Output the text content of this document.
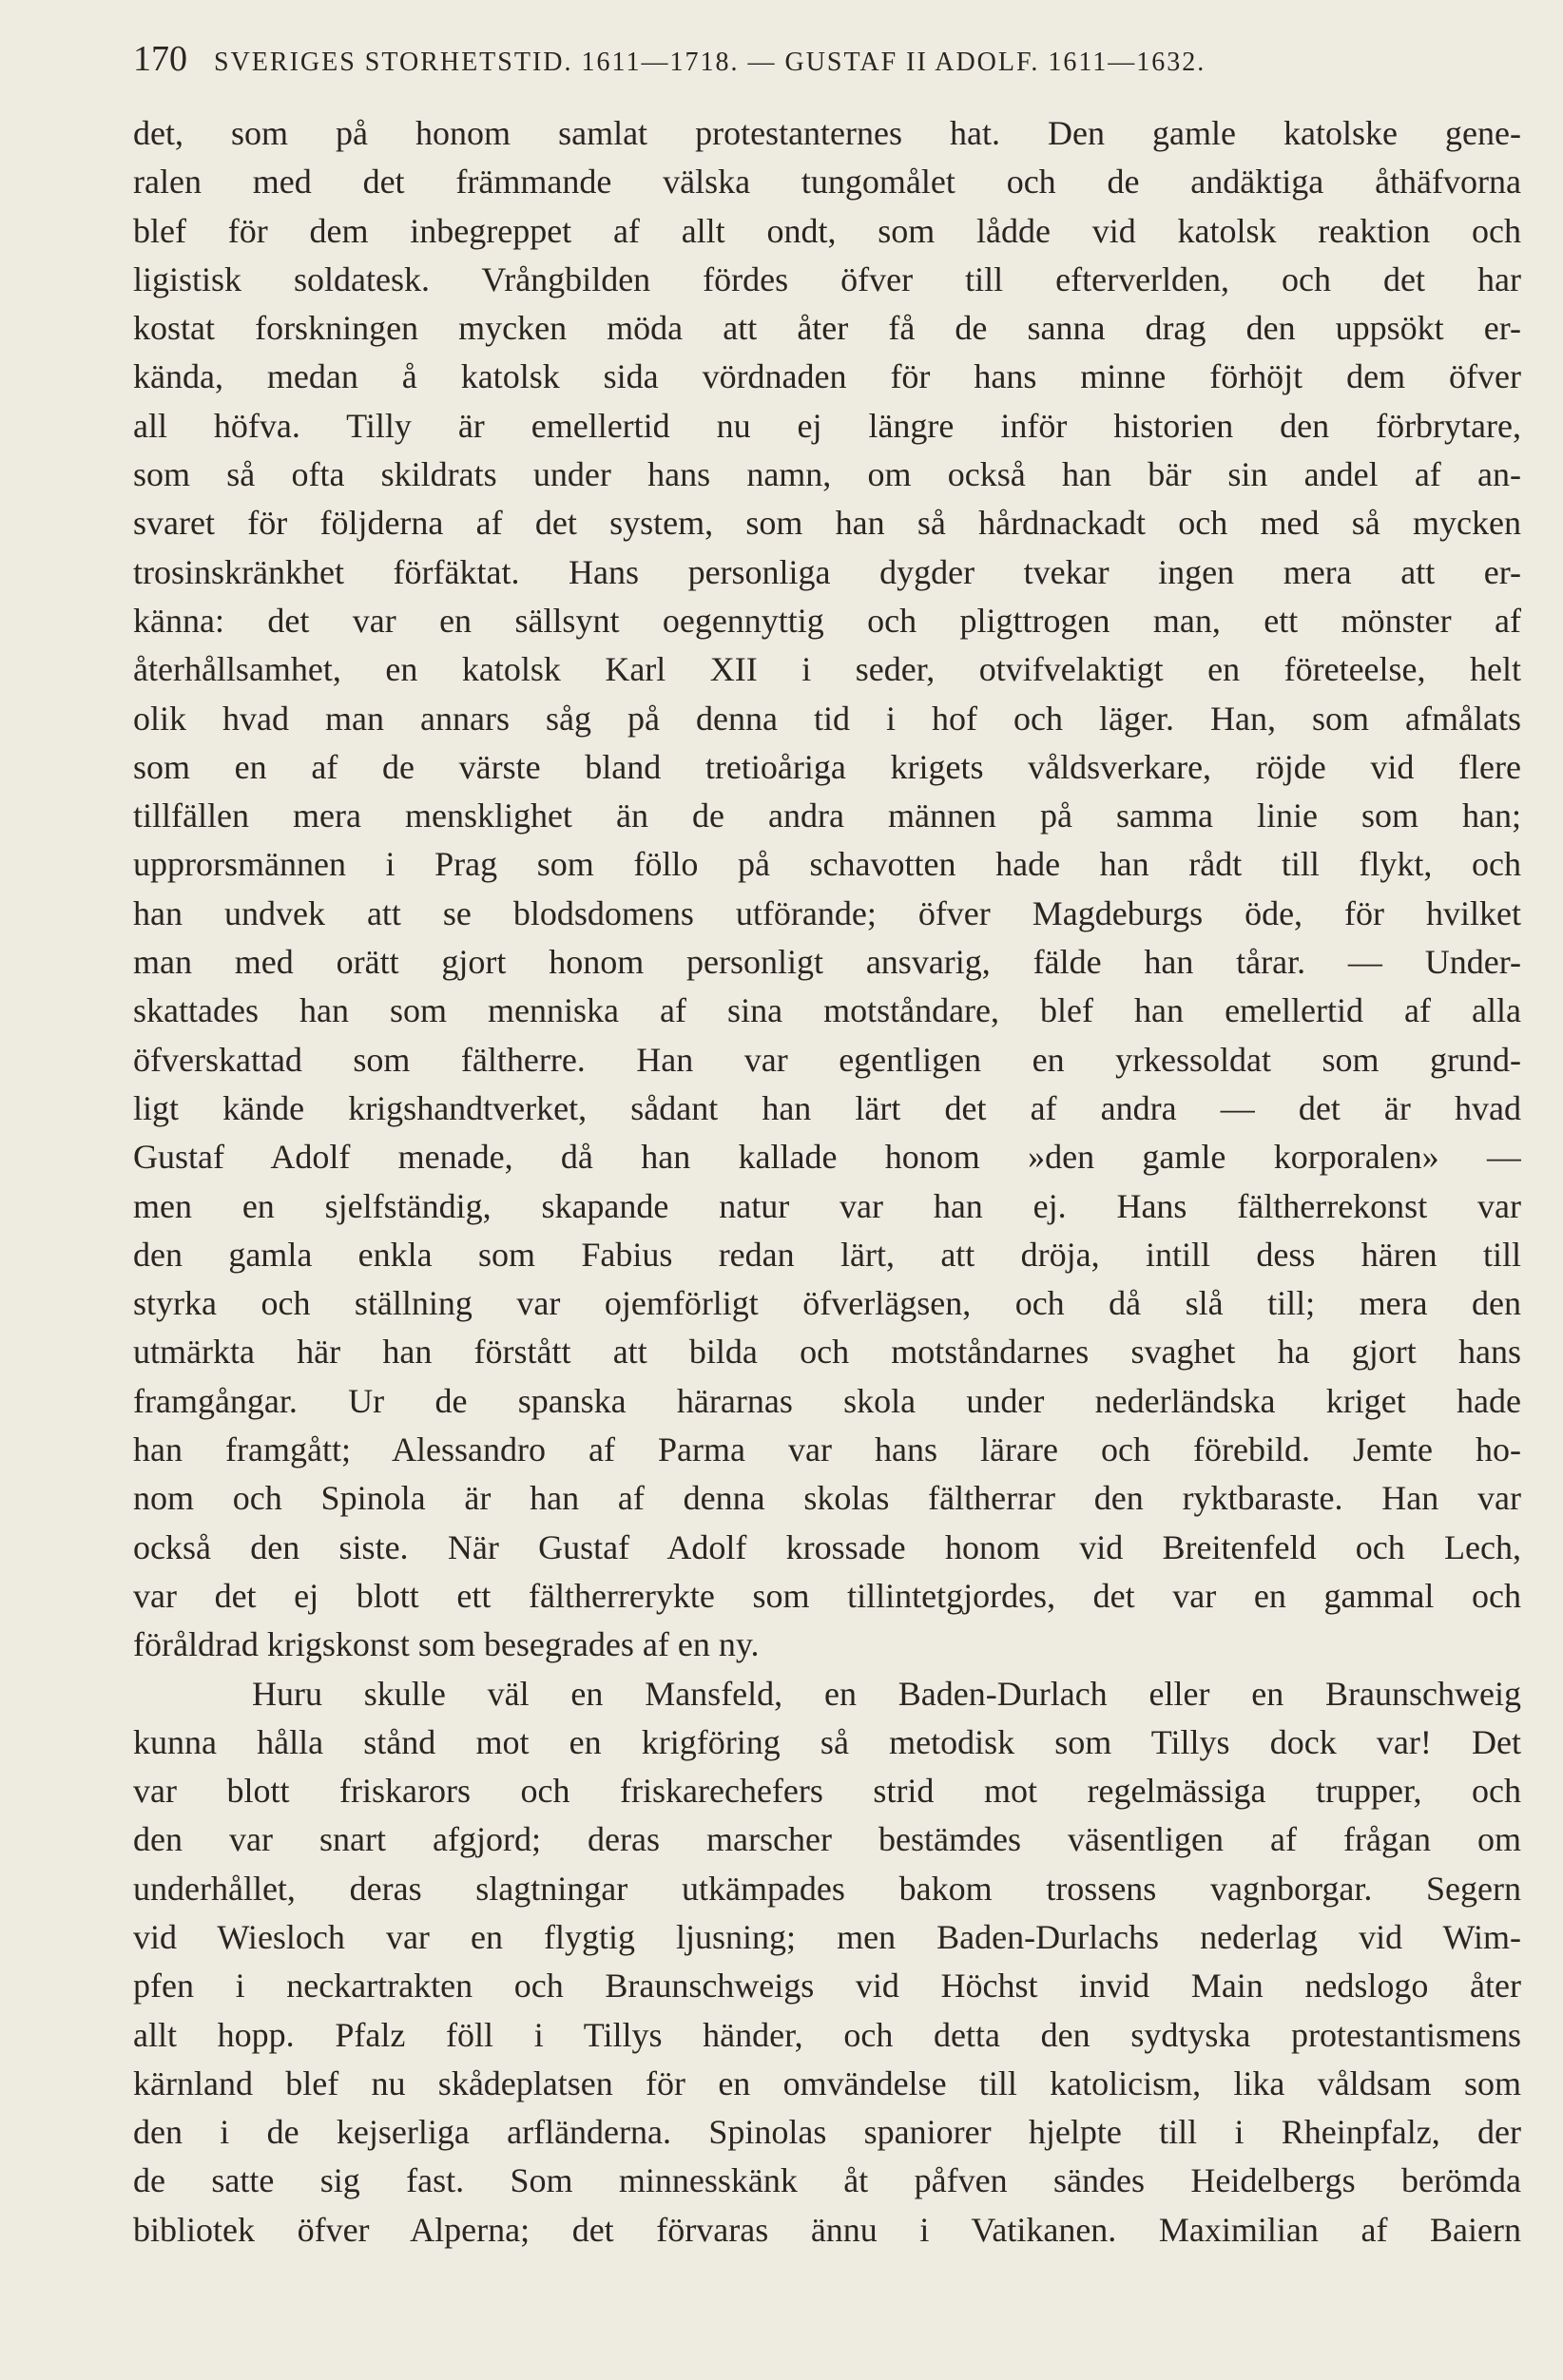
170 SVERIGES STORHETSTID. 1611—1718. — GUSTAF II ADOLF. 1611—1632.
det, som på honom samlat protestanternes hat. Den gamle katolske gene-
ralen med det främmande välska tungomålet och de andäktiga åthäfvorna
blef för dem inbegreppet af allt ondt, som lådde vid katolsk reaktion och
ligistisk soldatesk. Vrångbilden fördes öfver till efterverlden, och det har
kostat forskningen mycken möda att åter få de sanna drag den uppsökt er-
kända, medan å katolsk sida vördnaden för hans minne förhöjt dem öfver
all höfva. Tilly är emellertid nu ej längre inför historien den förbrytare,
som så ofta skildrats under hans namn, om också han bär sin andel af an-
svaret för följderna af det system, som han så hårdnackadt och med så mycken
trosinskränkhet förfäktat. Hans personliga dygder tvekar ingen mera att er-
känna: det var en sällsynt oegennyttig och pligttrogen man, ett mönster af
återhållsamhet, en katolsk Karl XII i seder, otvifvelaktigt en företeelse, helt
olik hvad man annars såg på denna tid i hof och läger. Han, som afmålats
som en af de värste bland tretioåriga krigets våldsverkare, röjde vid flere
tillfällen mera mensklighet än de andra männen på samma linie som han;
upprorsmännen i Prag som föllo på schavotten hade han rådt till flykt, och
han undvek att se blodsdomens utförande; öfver Magdeburgs öde, för hvilket
man med orätt gjort honom personligt ansvarig, fälde han tårar. — Under-
skattades han som menniska af sina motståndare, blef han emellertid af alla
öfverskattad som fältherre. Han var egentligen en yrkessoldat som grund-
ligt kände krigshandtverket, sådant han lärt det af andra — det är hvad
Gustaf Adolf menade, då han kallade honom »den gamle korporalen» —
men en sjelfständig, skapande natur var han ej. Hans fältherrekonst var
den gamla enkla som Fabius redan lärt, att dröja, intill dess hären till
styrka och ställning var ojemförligt öfverlägsen, och då slå till; mera den
utmärkta här han förstått att bilda och motståndarnes svaghet ha gjort hans
framgångar. Ur de spanska härarnas skola under nederländska kriget hade
han framgått; Alessandro af Parma var hans lärare och förebild. Jemte ho-
nom och Spinola är han af denna skolas fältherrar den ryktbaraste. Han var
också den siste. När Gustaf Adolf krossade honom vid Breitenfeld och Lech,
var det ej blott ett fältherrerykte som tillintetgjordes, det var en gammal och
föråldrad krigskonst som besegrades af en ny.
Huru skulle väl en Mansfeld, en Baden-Durlach eller en Braunschweig
kunna hålla stånd mot en krigföring så metodisk som Tillys dock var! Det
var blott friskarors och friskarechefers strid mot regelmässiga trupper, och
den var snart afgjord; deras marscher bestämdes väsentligen af frågan om
underhållet, deras slagtningar utkämpades bakom trossens vagnborgar. Segern
vid Wiesloch var en flygtig ljusning; men Baden-Durlachs nederlag vid Wim-
pfen i neckartrakten och Braunschweigs vid Höchst invid Main nedslogo åter
allt hopp. Pfalz föll i Tillys händer, och detta den sydtyska protestantismens
kärnland blef nu skådeplatsen för en omvändelse till katolicism, lika våldsam som
den i de kejserliga arfländerna. Spinolas spaniorer hjelpte till i Rheinpfalz, der
de satte sig fast. Som minnesskänk åt påfven sändes Heidelbergs berömda
bibliotek öfver Alperna; det förvaras ännu i Vatikanen. Maximilian af Baiern
